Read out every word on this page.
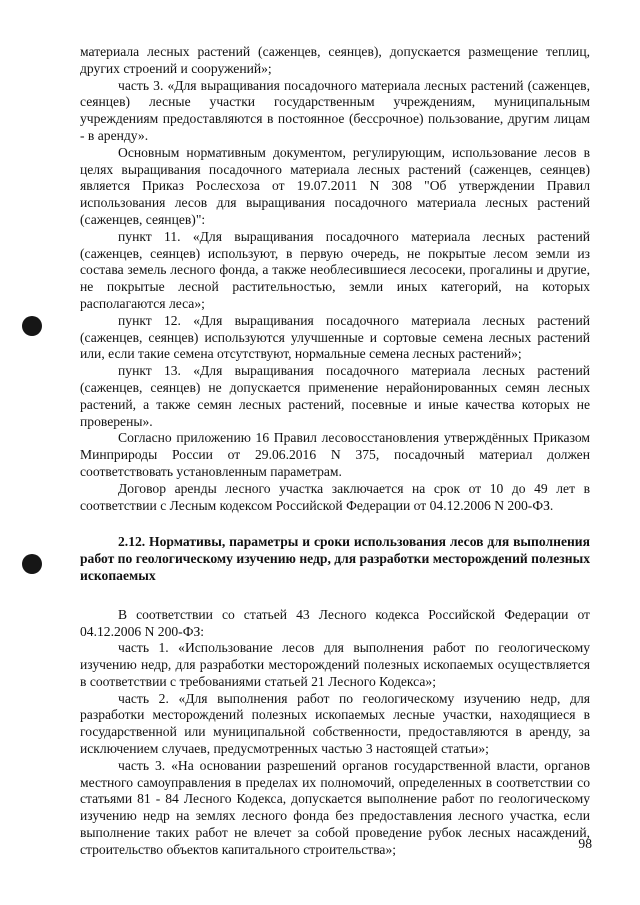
материала лесных растений (саженцев, сеянцев), допускается размещение теплиц, других строений и сооружений»;

часть 3. «Для выращивания посадочного материала лесных растений (саженцев, сеянцев) лесные участки государственным учреждениям, муниципальным учреждениям предоставляются в постоянное (бессрочное) пользование, другим лицам - в аренду».

Основным нормативным документом, регулирующим, использование лесов в целях выращивания посадочного материала лесных растений (саженцев, сеянцев) является Приказ Рослесхоза от 19.07.2011 N 308 "Об утверждении Правил использования лесов для выращивания посадочного материала лесных растений (саженцев, сеянцев)":

пункт 11. «Для выращивания посадочного материала лесных растений (саженцев, сеянцев) используют, в первую очередь, не покрытые лесом земли из состава земель лесного фонда, а также необлесившиеся лесосеки, прогалины и другие, не покрытые лесной растительностью, земли иных категорий, на которых располагаются леса»;

пункт 12. «Для выращивания посадочного материала лесных растений (саженцев, сеянцев) используются улучшенные и сортовые семена лесных растений или, если такие семена отсутствуют, нормальные семена лесных растений»;

пункт 13. «Для выращивания посадочного материала лесных растений (саженцев, сеянцев) не допускается применение нерайонированных семян лесных растений, а также семян лесных растений, посевные и иные качества которых не проверены».

Согласно приложению 16 Правил лесовосстановления утверждённых Приказом Минприроды России от 29.06.2016 N 375, посадочный материал должен соответствовать установленным параметрам.

Договор аренды лесного участка заключается на срок от 10 до 49 лет в соответствии с Лесным кодексом Российской Федерации от 04.12.2006 N 200-ФЗ.

2.12. Нормативы, параметры и сроки использования лесов для выполнения работ по геологическому изучению недр, для разработки месторождений полезных ископаемых

В соответствии со статьей 43 Лесного кодекса Российской Федерации от 04.12.2006 N 200-ФЗ:

часть 1. «Использование лесов для выполнения работ по геологическому изучению недр, для разработки месторождений полезных ископаемых осуществляется в соответствии с требованиями статьей 21 Лесного Кодекса»;

часть 2. «Для выполнения работ по геологическому изучению недр, для разработки месторождений полезных ископаемых лесные участки, находящиеся в государственной или муниципальной собственности, предоставляются в аренду, за исключением случаев, предусмотренных частью 3 настоящей статьи»;

часть 3. «На основании разрешений органов государственной власти, органов местного самоуправления в пределах их полномочий, определенных в соответствии со статьями 81 - 84 Лесного Кодекса, допускается выполнение работ по геологическому изучению недр на землях лесного фонда без предоставления лесного участка, если выполнение таких работ не влечет за собой проведение рубок лесных насаждений, строительство объектов капитального строительства»;	98
